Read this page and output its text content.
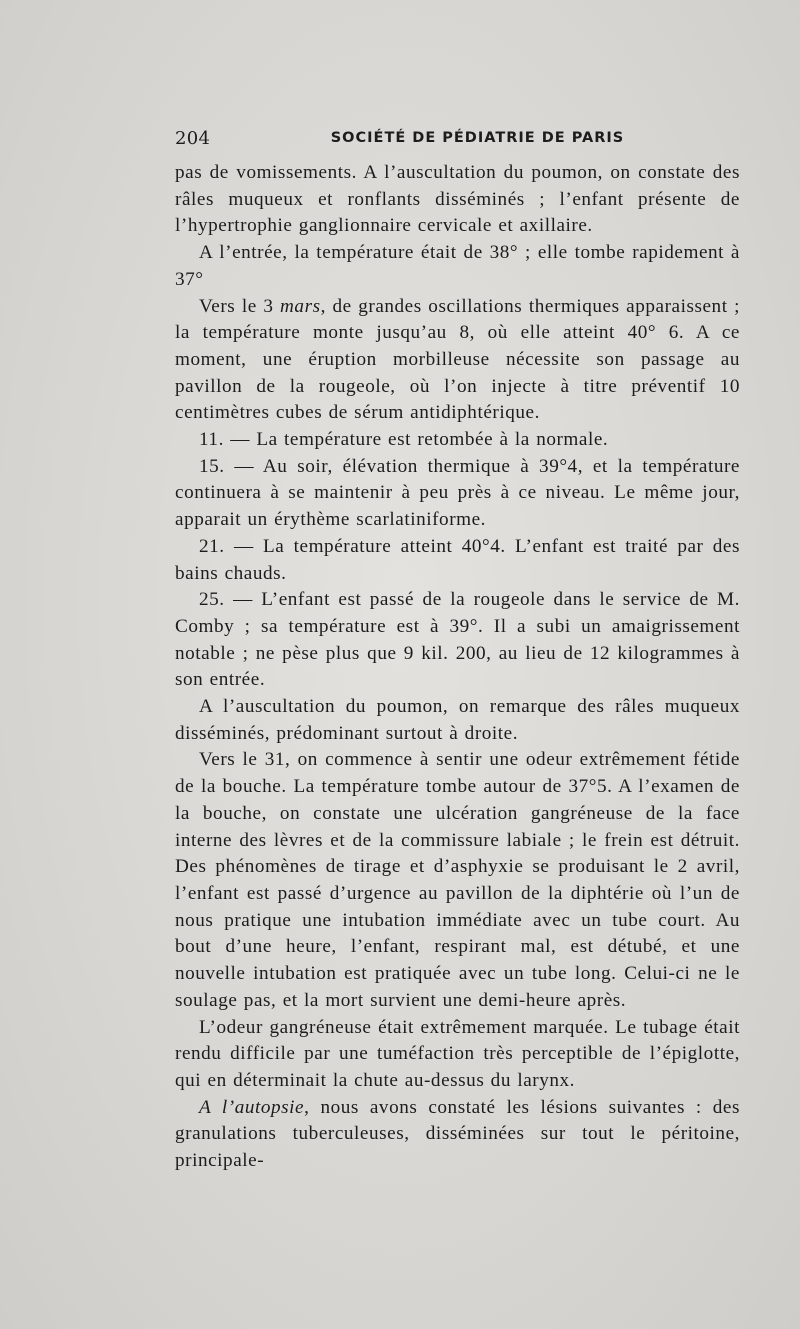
204	SOCIÉTÉ DE PÉDIATRIE DE PARIS

pas de vomissements. A l’auscultation du poumon, on constate des râles muqueux et ronflants disséminés ; l’enfant présente de l’hypertrophie ganglionnaire cervicale et axillaire.

A l’entrée, la température était de 38° ; elle tombe rapidement à 37°

Vers le 3 mars, de grandes oscillations thermiques apparaissent ; la température monte jusqu’au 8, où elle atteint 40° 6. A ce moment, une éruption morbilleuse nécessite son passage au pavillon de la rougeole, où l’on injecte à titre préventif 10 centimètres cubes de sérum antidiphtérique.

11. — La température est retombée à la normale.

15. — Au soir, élévation thermique à 39°4, et la température continuera à se maintenir à peu près à ce niveau. Le même jour, apparait un érythème scarlatiniforme.

21. — La température atteint 40°4. L’enfant est traité par des bains chauds.

25. — L’enfant est passé de la rougeole dans le service de M. Comby ; sa température est à 39°. Il a subi un amaigrissement notable ; ne pèse plus que 9 kil. 200, au lieu de 12 kilogrammes à son entrée.

A l’auscultation du poumon, on remarque des râles muqueux disséminés, prédominant surtout à droite.

Vers le 31, on commence à sentir une odeur extrêmement fétide de la bouche. La température tombe autour de 37°5. A l’examen de la bouche, on constate une ulcération gangréneuse de la face interne des lèvres et de la commissure labiale ; le frein est détruit. Des phénomènes de tirage et d’asphyxie se produisant le 2 avril, l’enfant est passé d’urgence au pavillon de la diphtérie où l’un de nous pratique une intubation immédiate avec un tube court. Au bout d’une heure, l’enfant, respirant mal, est détubé, et une nouvelle intubation est pratiquée avec un tube long. Celui-ci ne le soulage pas, et la mort survient une demi-heure après.

L’odeur gangréneuse était extrêmement marquée. Le tubage était rendu difficile par une tuméfaction très perceptible de l’épiglotte, qui en déterminait la chute au-dessus du larynx.

A l’autopsie, nous avons constaté les lésions suivantes : des granulations tuberculeuses, disséminées sur tout le péritoine, principale-
